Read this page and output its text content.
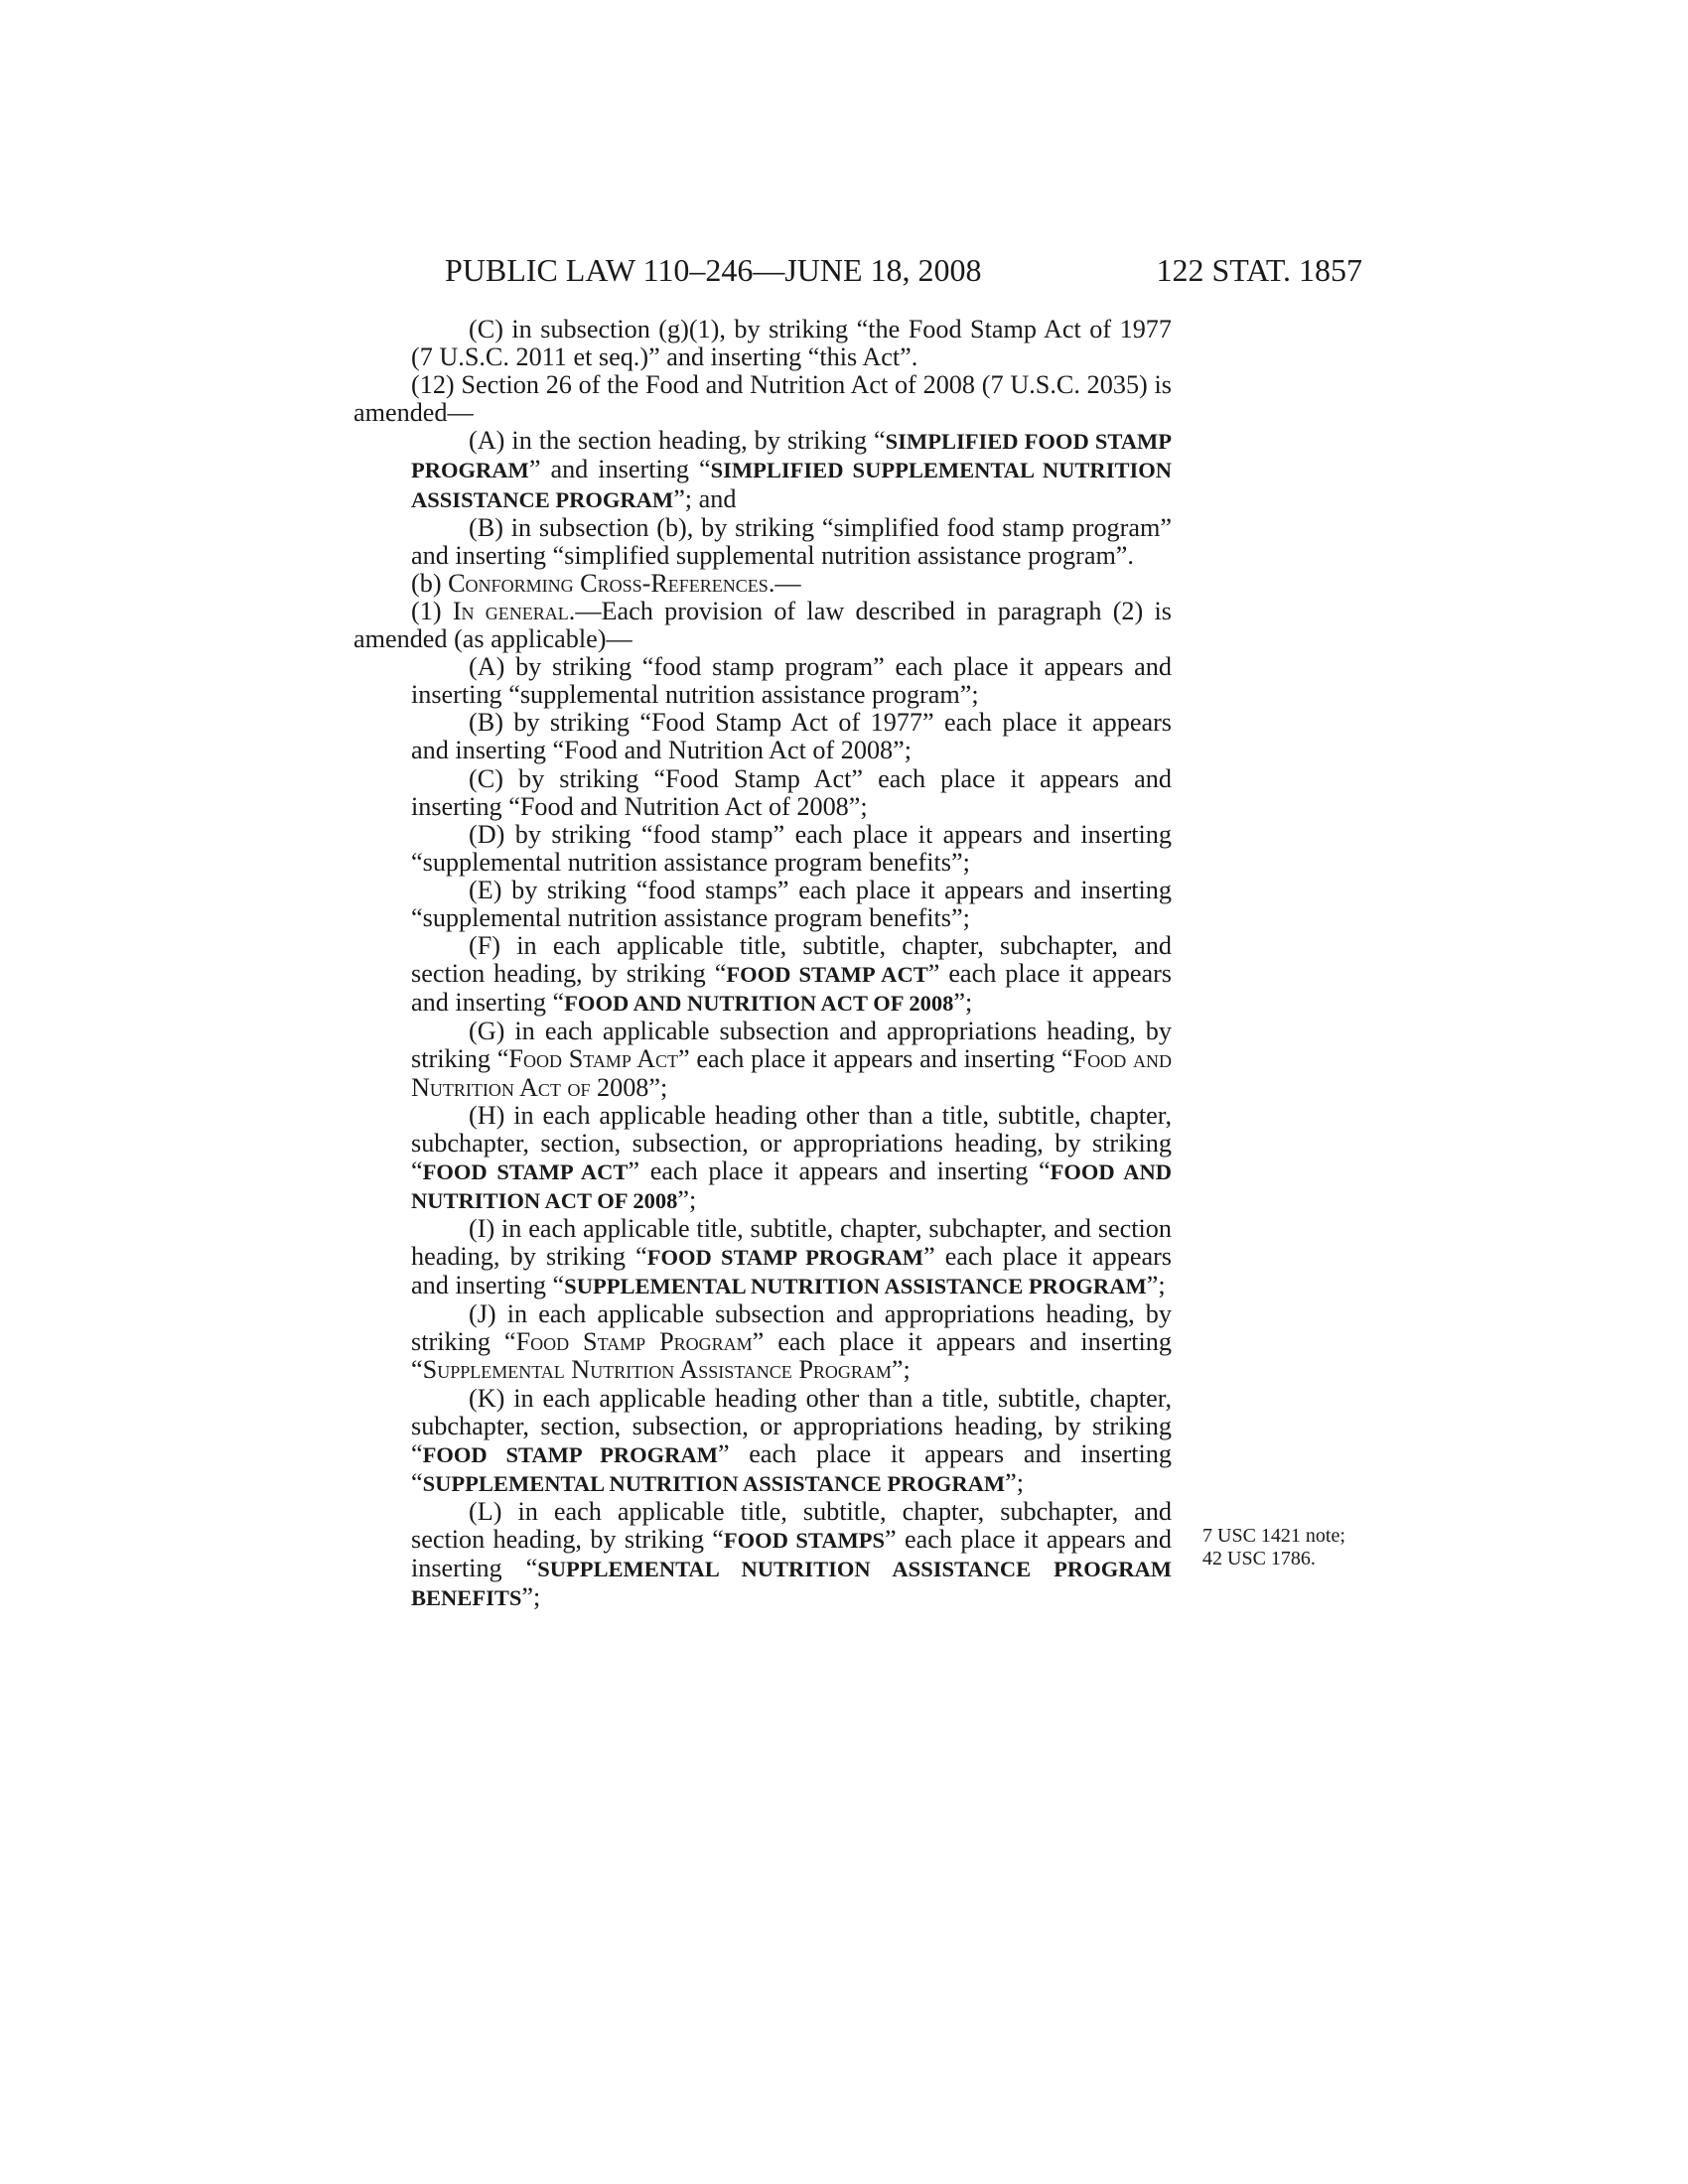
PUBLIC LAW 110–246—JUNE 18, 2008	122 STAT. 1857

(C) in subsection (g)(1), by striking “the Food Stamp Act of 1977 (7 U.S.C. 2011 et seq.)” and inserting “this Act”.

(12) Section 26 of the Food and Nutrition Act of 2008 (7 U.S.C. 2035) is amended—

(A) in the section heading, by striking “SIMPLIFIED FOOD STAMP PROGRAM” and inserting “SIMPLIFIED SUPPLEMENTAL NUTRITION ASSISTANCE PROGRAM”; and

(B) in subsection (b), by striking “simplified food stamp program” and inserting “simplified supplemental nutrition assistance program”.

(b) Conforming Cross-References.—

(1) In general.—Each provision of law described in paragraph (2) is amended (as applicable)—

(A) by striking “food stamp program” each place it appears and inserting “supplemental nutrition assistance program”;

(B) by striking “Food Stamp Act of 1977” each place it appears and inserting “Food and Nutrition Act of 2008”;

(C) by striking “Food Stamp Act” each place it appears and inserting “Food and Nutrition Act of 2008”;

(D) by striking “food stamp” each place it appears and inserting “supplemental nutrition assistance program benefits”;

(E) by striking “food stamps” each place it appears and inserting “supplemental nutrition assistance program benefits”;

(F) in each applicable title, subtitle, chapter, subchapter, and section heading, by striking “FOOD STAMP ACT” each place it appears and inserting “FOOD AND NUTRITION ACT OF 2008”;

(G) in each applicable subsection and appropriations heading, by striking “Food Stamp Act” each place it appears and inserting “Food and Nutrition Act of 2008”;

(H) in each applicable heading other than a title, subtitle, chapter, subchapter, section, subsection, or appropriations heading, by striking “FOOD STAMP ACT” each place it appears and inserting “FOOD AND NUTRITION ACT OF 2008”;

(I) in each applicable title, subtitle, chapter, subchapter, and section heading, by striking “FOOD STAMP PROGRAM” each place it appears and inserting “SUPPLEMENTAL NUTRITION ASSISTANCE PROGRAM”;

(J) in each applicable subsection and appropriations heading, by striking “Food Stamp Program” each place it appears and inserting “Supplemental Nutrition Assistance Program”;

(K) in each applicable heading other than a title, subtitle, chapter, subchapter, section, subsection, or appropriations heading, by striking “FOOD STAMP PROGRAM” each place it appears and inserting “SUPPLEMENTAL NUTRITION ASSISTANCE PROGRAM”;

(L) in each applicable title, subtitle, chapter, subchapter, and section heading, by striking “FOOD STAMPS” each place it appears and inserting “SUPPLEMENTAL NUTRITION ASSISTANCE PROGRAM BENEFITS”;

7 USC 1421 note;
42 USC 1786.
